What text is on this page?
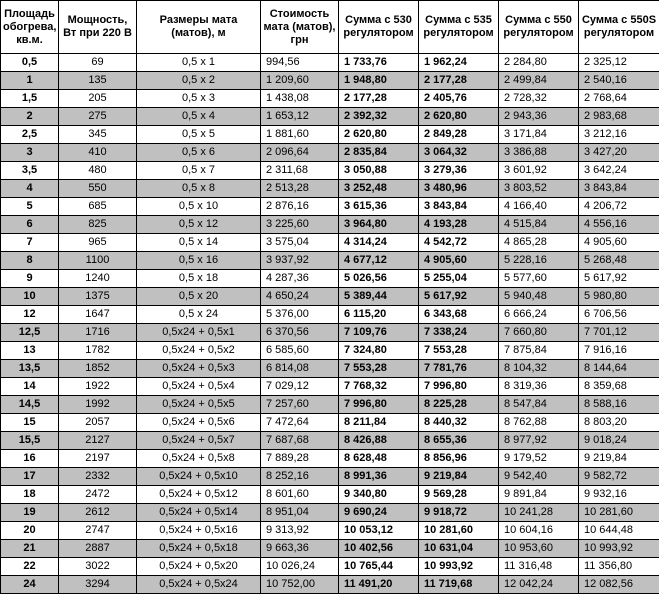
Площадь обогрева, кв.м.	Мощность, Вт при 220 В	Размеры мата (матов), м	Стоимость мата (матов), грн	Сумма с 530 регулятором	Сумма с 535 регулятором	Сумма с 550 регулятором	Сумма с 550S регулятором
0,5	69	0,5 х 1	994,56	1 733,76	1 962,24	2 284,80	2 325,12
1	135	0,5 х 2	1 209,60	1 948,80	2 177,28	2 499,84	2 540,16
1,5	205	0,5 х 3	1 438,08	2 177,28	2 405,76	2 728,32	2 768,64
2	275	0,5 х 4	1 653,12	2 392,32	2 620,80	2 943,36	2 983,68
2,5	345	0,5 х 5	1 881,60	2 620,80	2 849,28	3 171,84	3 212,16
3	410	0,5 х 6	2 096,64	2 835,84	3 064,32	3 386,88	3 427,20
3,5	480	0,5 х 7	2 311,68	3 050,88	3 279,36	3 601,92	3 642,24
4	550	0,5 х 8	2 513,28	3 252,48	3 480,96	3 803,52	3 843,84
5	685	0,5 х 10	2 876,16	3 615,36	3 843,84	4 166,40	4 206,72
6	825	0,5 х 12	3 225,60	3 964,80	4 193,28	4 515,84	4 556,16
7	965	0,5 х 14	3 575,04	4 314,24	4 542,72	4 865,28	4 905,60
8	1100	0,5 х 16	3 937,92	4 677,12	4 905,60	5 228,16	5 268,48
9	1240	0,5 х 18	4 287,36	5 026,56	5 255,04	5 577,60	5 617,92
10	1375	0,5 х 20	4 650,24	5 389,44	5 617,92	5 940,48	5 980,80
12	1647	0,5 х 24	5 376,00	6 115,20	6 343,68	6 666,24	6 706,56
12,5	1716	0,5х24 + 0,5х1	6 370,56	7 109,76	7 338,24	7 660,80	7 701,12
13	1782	0,5х24 + 0,5х2	6 585,60	7 324,80	7 553,28	7 875,84	7 916,16
13,5	1852	0,5х24 + 0,5х3	6 814,08	7 553,28	7 781,76	8 104,32	8 144,64
14	1922	0,5х24 + 0,5х4	7 029,12	7 768,32	7 996,80	8 319,36	8 359,68
14,5	1992	0,5х24 + 0,5х5	7 257,60	7 996,80	8 225,28	8 547,84	8 588,16
15	2057	0,5х24 + 0,5х6	7 472,64	8 211,84	8 440,32	8 762,88	8 803,20
15,5	2127	0,5х24 + 0,5х7	7 687,68	8 426,88	8 655,36	8 977,92	9 018,24
16	2197	0,5х24 + 0,5х8	7 889,28	8 628,48	8 856,96	9 179,52	9 219,84
17	2332	0,5х24 + 0,5х10	8 252,16	8 991,36	9 219,84	9 542,40	9 582,72
18	2472	0,5х24 + 0,5х12	8 601,60	9 340,80	9 569,28	9 891,84	9 932,16
19	2612	0,5х24 + 0,5х14	8 951,04	9 690,24	9 918,72	10 241,28	10 281,60
20	2747	0,5х24 + 0,5х16	9 313,92	10 053,12	10 281,60	10 604,16	10 644,48
21	2887	0,5х24 + 0,5х18	9 663,36	10 402,56	10 631,04	10 953,60	10 993,92
22	3022	0,5х24 + 0,5х20	10 026,24	10 765,44	10 993,92	11 316,48	11 356,80
24	3294	0,5х24 + 0,5х24	10 752,00	11 491,20	11 719,68	12 042,24	12 082,56
